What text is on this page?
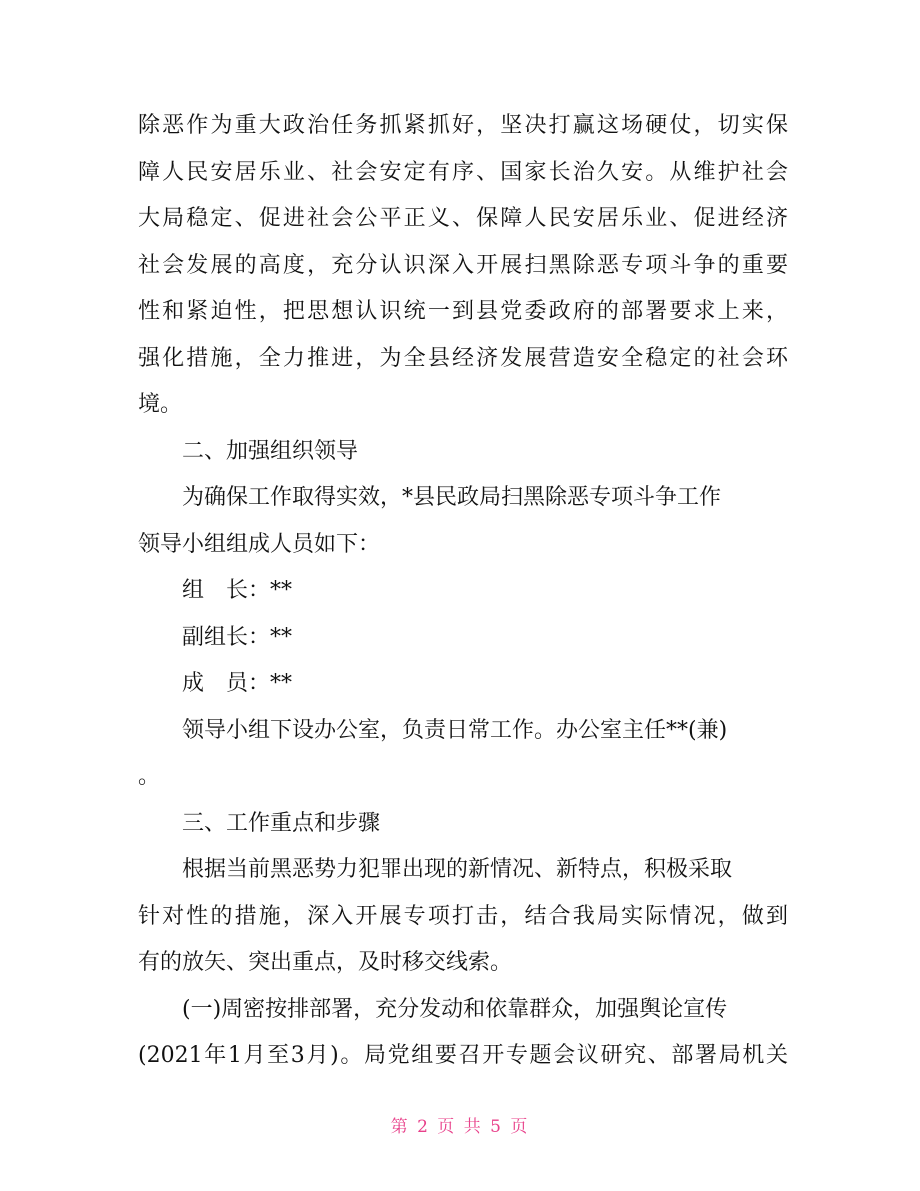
除恶作为重大政治任务抓紧抓好，坚决打赢这场硬仗，切实保
障人民安居乐业、社会安定有序、国家长治久安。从维护社会
大局稳定、促进社会公平正义、保障人民安居乐业、促进经济
社会发展的高度，充分认识深入开展扫黑除恶专项斗争的重要
性和紧迫性，把思想认识统一到县党委政府的部署要求上来，
强化措施，全力推进，为全县经济发展营造安全稳定的社会环
境。
二、加强组织领导
为确保工作取得实效，*县民政局扫黑除恶专项斗争工作
领导小组组成人员如下：
组　长：**
副组长：**
成　员：**
领导小组下设办公室，负责日常工作。办公室主任**(兼)
。
三、工作重点和步骤
根据当前黑恶势力犯罪出现的新情况、新特点，积极采取
针对性的措施，深入开展专项打击，结合我局实际情况，做到
有的放矢、突出重点，及时移交线索。
(一)周密按排部署，充分发动和依靠群众，加强舆论宣传
(2021年1月至3月)。局党组要召开专题会议研究、部署局机关
第 2 页 共 5 页
